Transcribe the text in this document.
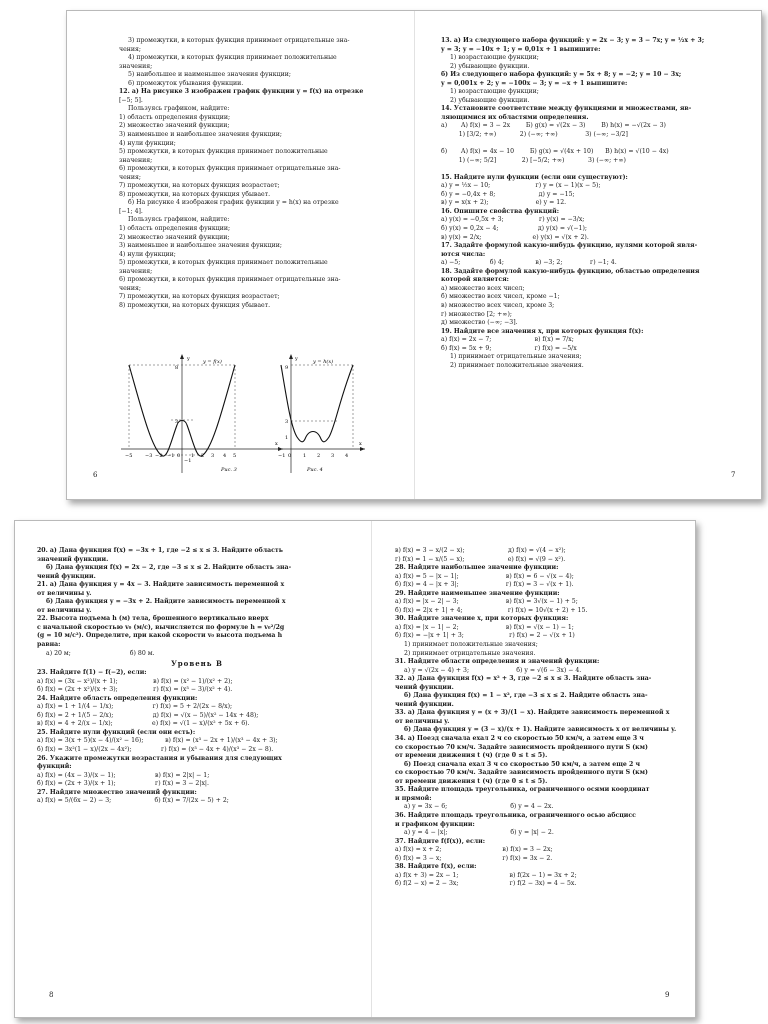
3) промежутки, в которых функция принимает отрицательные зна-

чения;

4) промежутки, в которых функция принимает положительные

значения;

5) наибольшее и наименьшее значения функции;

6) промежуток убывания функции.

12. а) На рисунке 3 изображен график функции y = f(x) на отрезке

[−5; 5].

Пользуясь графиком, найдите:

1) область определения функции;

2) множество значений функции;

3) наименьшее и наибольшее значения функции;

4) нули функции;

5) промежутки, в которых функция принимает положительные

значения;

6) промежутки, в которых функция принимает отрицательные зна-

чения;

7) промежутки, на которых функция возрастает;

8) промежутки, на которых функция убывает.

б) На рисунке 4 изображен график функции y = h(x) на отрезке

[−1; 4].

Пользуясь графиком, найдите:

1) область определения функции;

2) множество значений функции;

3) наименьшее и наибольшее значения функции;

4) нули функции;

5) промежутки, в которых функция принимает положительные

значения;

6) промежутки, в которых функция принимает отрицательные зна-

чения;

7) промежутки, на которых функция возрастает;

8) промежутки, на которых функция убывает.

y
x
y = f(x)
8
3
−1
−5	−3 −2 −1 0 1 2 3 4 5
Рис. 3
y
x
y = h(x)
9
3
1
−1 0 1 2 3 4
Рис. 4
6

13. а) Из следующего набора функций: y = 2x − 3; y = 3 − 7x; y = ½x + 3;

y = 3; y = −10x + 1; y = 0,01x + 1 выпишите:

1) возрастающие функции;

2) убывающие функции.

б) Из следующего набора функций: y = 5x + 8; y = −2; y = 10 − 3x;

y = 0,001x + 2; y = −100x − 3; y = −x + 1 выпишите:

1) возрастающие функции;

2) убывающие функции.

14. Установите соответствие между функциями и множествами, яв-

ляющимися их областями определения.

а)       А) f(x) = 3 − 2x        Б) g(x) = √(2x − 3)        В) h(x) = −√(2x − 3)

1) [3/2; +∞)            2) (−∞; +∞)              3) (−∞; −3/2]

б)       А) f(x) = 4x − 10        Б) g(x) = √(4x + 10)      В) h(x) = √(10 − 4x)

1) (−∞; 5/2]             2) [−5/2; +∞)            3) (−∞; +∞)

15. Найдите нули функции (если они существуют):

а) y = ½x − 10;                       г) y = (x − 1)(x − 5);

б) y = −0,4x + 8;                      д) y = −15;

в) y = x(x + 2);                        е) y = 12.

16. Опишите свойства функций:

а) y(x) = −0,5x + 3;                  г) y(x) = −3/x;

б) y(x) = 0,2x − 4;                    д) y(x) = √(−1);

в) y(x) = 2/x;                          е) y(x) = √(x + 2).

17. Задайте формулой какую-нибудь функцию, нулями которой явля-

ются числа:

а) −5;               б) 4;                в) −3; 2;              г) −1; 4.

18. Задайте формулой какую-нибудь функцию, областью определения

которой является:

а) множество всех чисел;

б) множество всех чисел, кроме −1;

в) множество всех чисел, кроме 3;

г) множество [2; +∞);

д) множество (−∞; −3].

19. Найдите все значения x, при которых функция f(x):

а) f(x) = 2x − 7;                      в) f(x) = 7/x;

б) f(x) = 5x + 9;                      г) f(x) = −5/x

1) принимает отрицательные значения;

2) принимает положительные значения.

7

20. а) Дана функция f(x) = −3x + 1, где −2 ≤ x ≤ 3. Найдите область

значений функции.

б) Дана функция f(x) = 2x − 2, где −3 ≤ x ≤ 2. Найдите область зна-

чений функции.

21. а) Дана функция y = 4x − 3. Найдите зависимость переменной x

от величины y.

б) Дана функция y = −3x + 2. Найдите зависимость переменной x

от величины y.

22. Высота подъема h (м) тела, брошенного вертикально вверх

с начальной скоростью v₀ (м/с), вычисляется по формуле h = v₀²/2g

(g = 10 м/с²). Определите, при какой скорости v₀ высота подъема h

равна:

а) 20 м;                              б) 80 м.

Уровень В

23. Найдите f(1) − f(−2), если:

а) f(x) = (3x − x²)/(x + 1);                  в) f(x) = (x² − 1)/(x² + 2);

б) f(x) = (2x + x²)/(x + 3);                  г) f(x) = (x³ − 3)/(x² + 4).

24. Найдите область определения функции:

а) f(x) = 1 + 1/(4 − 1/x);                    г) f(x) = 5 + 2/(2x − 8/x);

б) f(x) = 2 + 1/(5 − 2/x);                    д) f(x) = √(x − 5)/(x² − 14x + 48);

в) f(x) = 4 + 2/(x − 1/x);                    е) f(x) = √(1 − x)/(x² + 5x + 6).

25. Найдите нули функций (если они есть):

а) f(x) = 3(x + 5)(x − 4)/(x² − 16);           в) f(x) = (x³ − 2x + 1)/(x³ − 4x + 3);

б) f(x) = 3x²(1 − x)/(2x − 4x²);               г) f(x) = (x³ − 4x + 4)/(x³ − 2x − 8).

26. Укажите промежутки возрастания и убывания для следующих

функций:

а) f(x) = (4x − 3)/(x − 1);                    в) f(x) = 2|x| − 1;

б) f(x) = (2x + 3)/(x + 1);                    г) f(x) = 3 − 2|x|.

27. Найдите множество значений функции:

а) f(x) = 5/(6x − 2) − 3;                      б) f(x) = 7/(2x − 5) + 2;

8

в) f(x) = 3 − x/(2 − x);                      д) f(x) = √(4 − x²);

г) f(x) = 1 − x/(5 − x);                      е) f(x) = √(9 − x²).

28. Найдите наибольшее значение функции:

а) f(x) = 5 − |x − 1|;                        в) f(x) = 6 − √(x − 4);

б) f(x) = 4 − |x + 3|;                        г) f(x) = 3 − √(x + 1).

29. Найдите наименьшее значение функции:

а) f(x) = |x − 2| − 3;                        в) f(x) = 3√(x − 1) + 5;

б) f(x) = 2|x + 1| + 4;                       г) f(x) = 10√(x + 2) + 15.

30. Найдите значение x, при которых функция:

а) f(x) = |x − 1| − 2;                        в) f(x) = √(x − 1) − 1;

б) f(x) = −|x + 1| + 3;                       г) f(x) = 2 − √(x + 1)

1) принимает положительные значения;

2) принимает отрицательные значения.

31. Найдите области определения и значений функции:

а) y = √(2x − 4) + 3;                        б) y = √(6 − 3x) − 4.

32. а) Дана функция f(x) = x² + 3, где −2 ≤ x ≤ 3. Найдите область зна-

чений функции.

б) Дана функция f(x) = 1 − x², где −3 ≤ x ≤ 2. Найдите область зна-

чений функции.

33. а) Дана функция y = (x + 3)/(1 − x). Найдите зависимость переменной x

от величины y.

б) Дана функция y = (3 − x)/(x + 1). Найдите зависимость x от величины y.

34. а) Поезд сначала ехал 2 ч со скоростью 50 км/ч, а затем еще 3 ч

со скоростью 70 км/ч. Задайте зависимость пройденного пути S (км)

от времени движения t (ч) (где 0 ≤ t ≤ 5).

б) Поезд сначала ехал 3 ч со скоростью 50 км/ч, а затем еще 2 ч

со скоростью 70 км/ч. Задайте зависимость пройденного пути S (км)

от времени движения t (ч) (где 0 ≤ t ≤ 5).

35. Найдите площадь треугольника, ограниченного осями координат

и прямой:

а) y = 3x − 6;                                б) y = 4 − 2x.

36. Найдите площадь треугольника, ограниченного осью абсцисс

и графиком функции:

а) y = 4 − |x|;                                б) y = |x| − 2.

37. Найдите f(f(x)), если:

а) f(x) = x + 2;                               в) f(x) = 3 − 2x;

б) f(x) = 3 − x;                               г) f(x) = 3x − 2.

38. Найдите f(x), если:

а) f(x + 3) = 2x − 1;                          в) f(2x − 1) = 3x + 2;

б) f(2 − x) = 2 − 3x;                          г) f(2 − 3x) = 4 − 5x.

9
